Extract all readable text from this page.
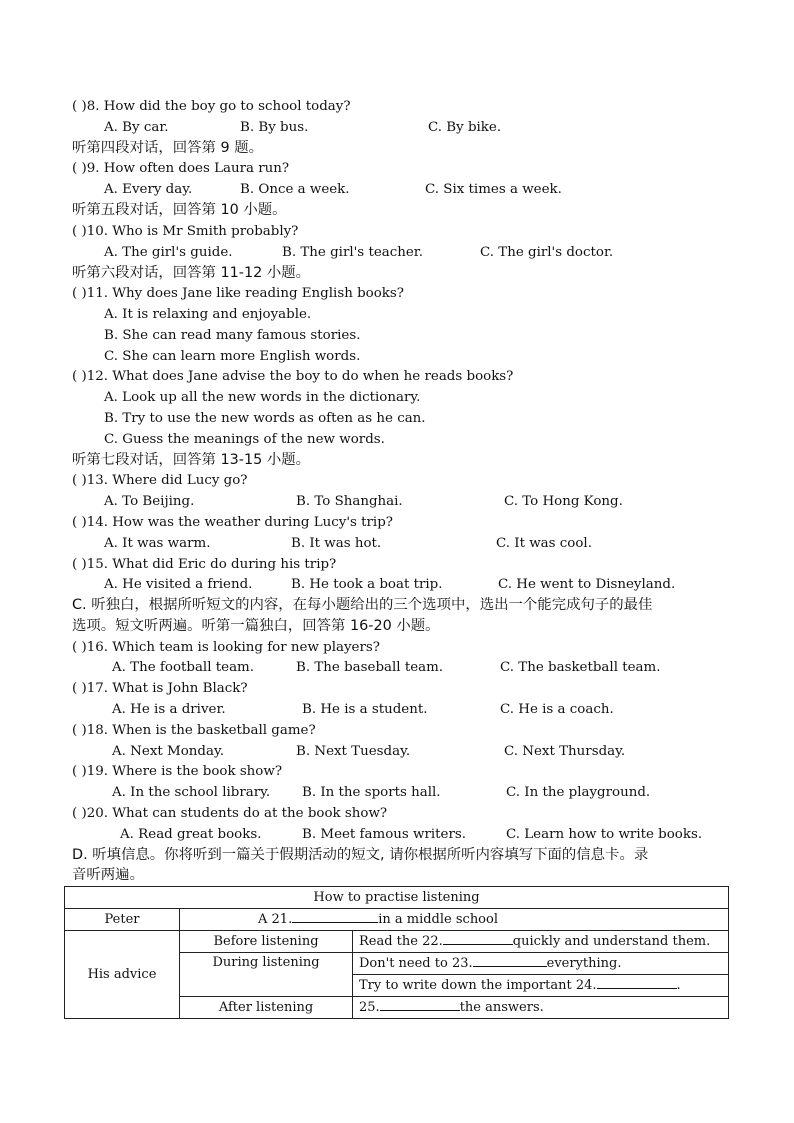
( )8. How did the boy go to school today?
A. By car.	B. By bus.	C. By bike.
听第四段对话，回答第 9 题。
( )9. How often does Laura run?
A. Every day.	B. Once a week.	C. Six times a week.
听第五段对话，回答第 10 小题。
( )10. Who is Mr Smith probably?
A. The girl's guide.	B. The girl's teacher.	C. The girl's doctor.
听第六段对话，回答第 11-12 小题。
( )11. Why does Jane like reading English books?
A. It is relaxing and enjoyable.
B. She can read many famous stories.
C. She can learn more English words.
( )12. What does Jane advise the boy to do when he reads books?
A. Look up all the new words in the dictionary.
B. Try to use the new words as often as he can.
C. Guess the meanings of the new words.
听第七段对话，回答第 13-15 小题。
( )13. Where did Lucy go?
A. To Beijing.	B. To Shanghai.	C. To Hong Kong.
( )14. How was the weather during Lucy's trip?
A. It was warm.	B. It was hot.	C. It was cool.
( )15. What did Eric do during his trip?
A. He visited a friend.	B. He took a boat trip.	C. He went to Disneyland.
C. 听独白，根据所听短文的内容，在每小题给出的三个选项中，选出一个能完成句子的最佳
选项。短文听两遍。听第一篇独白，回答第 16-20 小题。
( )16. Which team is looking for new players?
A. The football team.	B. The baseball team.	C. The basketball team.
( )17. What is John Black?
A. He is a driver.	B. He is a student.	C. He is a coach.
( )18. When is the basketball game?
A. Next Monday.	B. Next Tuesday.	C. Next Thursday.
( )19. Where is the book show?
A. In the school library. B. In the sports hall.	C. In the playground.
( )20. What can students do at the book show?
A. Read great books.	B. Meet famous writers.	C. Learn how to write books.
D. 听填信息。你将听到一篇关于假期活动的短文, 请你根据所听内容填写下面的信息卡。录
音听两遍。
How to practise listening		
Peter	A 21. in a middle school	
His advice	Before listening	Read the 22. quickly and understand them.
	During listening	Don't need to 23. everything.
		Try to write down the important 24. .
	After listening	25. the answers.
